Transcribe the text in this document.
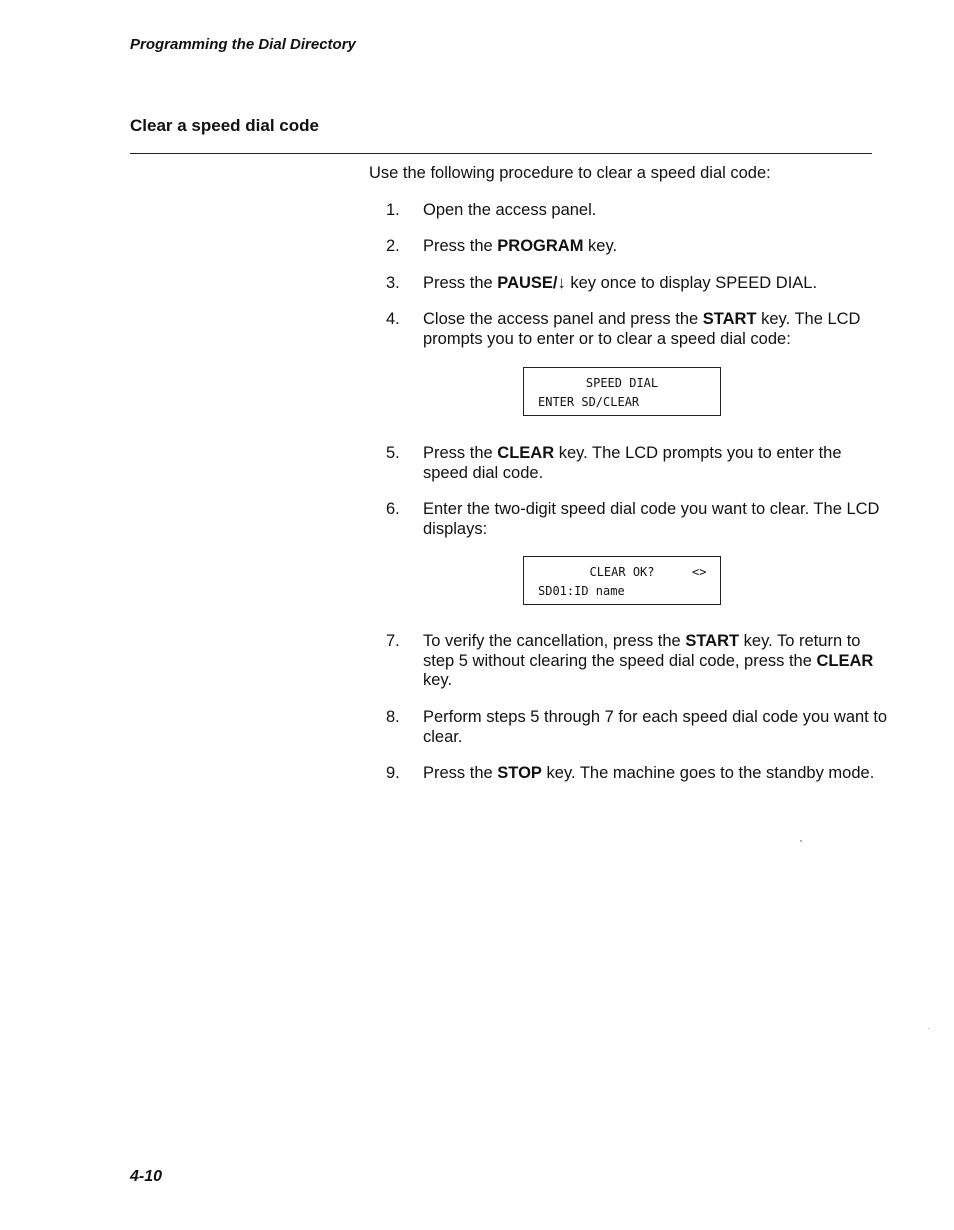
Programming the Dial Directory

Clear a speed dial code

Use the following procedure to clear a speed dial code:

1. Open the access panel.
2. Press the PROGRAM key.
3. Press the PAUSE/↓ key once to display SPEED DIAL.
4. Close the access panel and press the START key. The LCD prompts you to enter or to clear a speed dial code:
SPEED DIAL
ENTER SD/CLEAR
5. Press the CLEAR key. The LCD prompts you to enter the speed dial code.
6. Enter the two-digit speed dial code you want to clear. The LCD displays:
CLEAR OK?	<>
SD01:ID name
7. To verify the cancellation, press the START key. To return to step 5 without clearing the speed dial code, press the CLEAR key.
8. Perform steps 5 through 7 for each speed dial code you want to clear.
9. Press the STOP key. The machine goes to the standby mode.

4-10
